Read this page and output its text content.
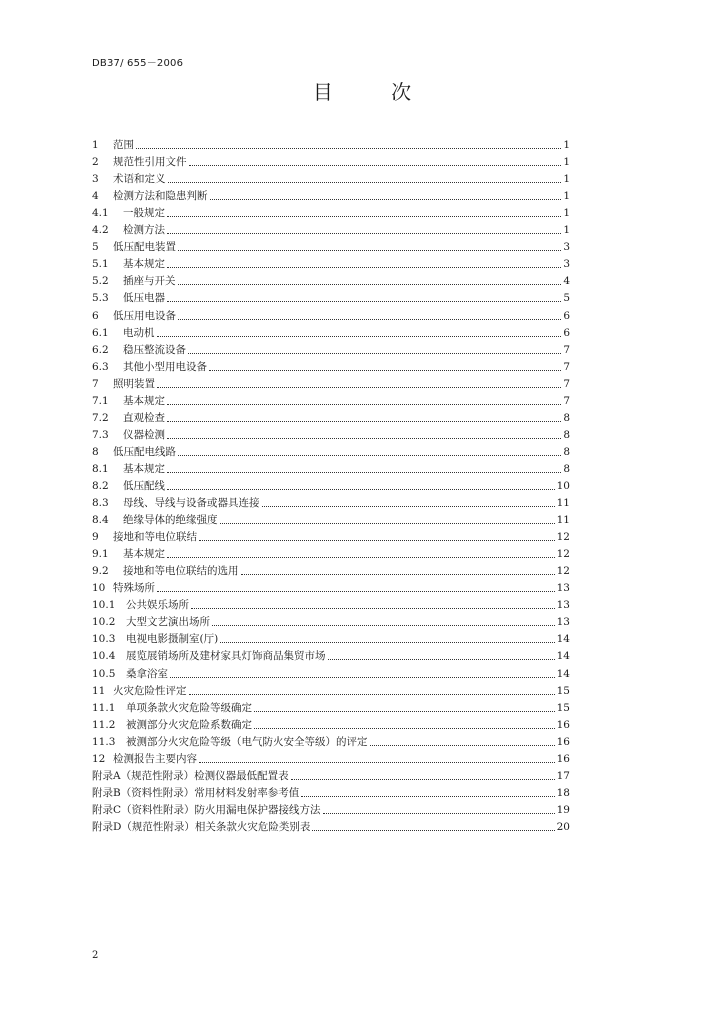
DB37/ 655－2006
目 次
1	范围	1
2	规范性引用文件	1
3	术语和定义	1
4	检测方法和隐患判断	1
4.1	一般规定	1
4.2	检测方法	1
5	低压配电装置	3
5.1	基本规定	3
5.2	插座与开关	4
5.3	低压电器	5
6	低压用电设备	6
6.1	电动机	6
6.2	稳压整流设备	7
6.3	其他小型用电设备	7
7	照明装置	7
7.1	基本规定	7
7.2	直观检查	8
7.3	仪器检测	8
8	低压配电线路	8
8.1	基本规定	8
8.2	低压配线	10
8.3	母线、导线与设备或器具连接	11
8.4	绝缘导体的绝缘强度	11
9	接地和等电位联结	12
9.1	基本规定	12
9.2	接地和等电位联结的选用	12
10 特殊场所	13
10.1	公共娱乐场所	13
10.2	大型文艺演出场所	13
10.3	电视电影摄制室(厅)	14
10.4	展览展销场所及建材家具灯饰商品集贸市场	14
10.5	桑拿浴室	14
11 火灾危险性评定	15
11.1	单项条款火灾危险等级确定	15
11.2	被测部分火灾危险系数确定	16
11.3	被测部分火灾危险等级（电气防火安全等级）的评定	16
12 检测报告主要内容	16
附录A（规范性附录）检测仪器最低配置表	17
附录B（资料性附录）常用材料发射率参考值	18
附录C（资料性附录）防火用漏电保护器接线方法	19
附录D（规范性附录）相关条款火灾危险类别表	20
2
